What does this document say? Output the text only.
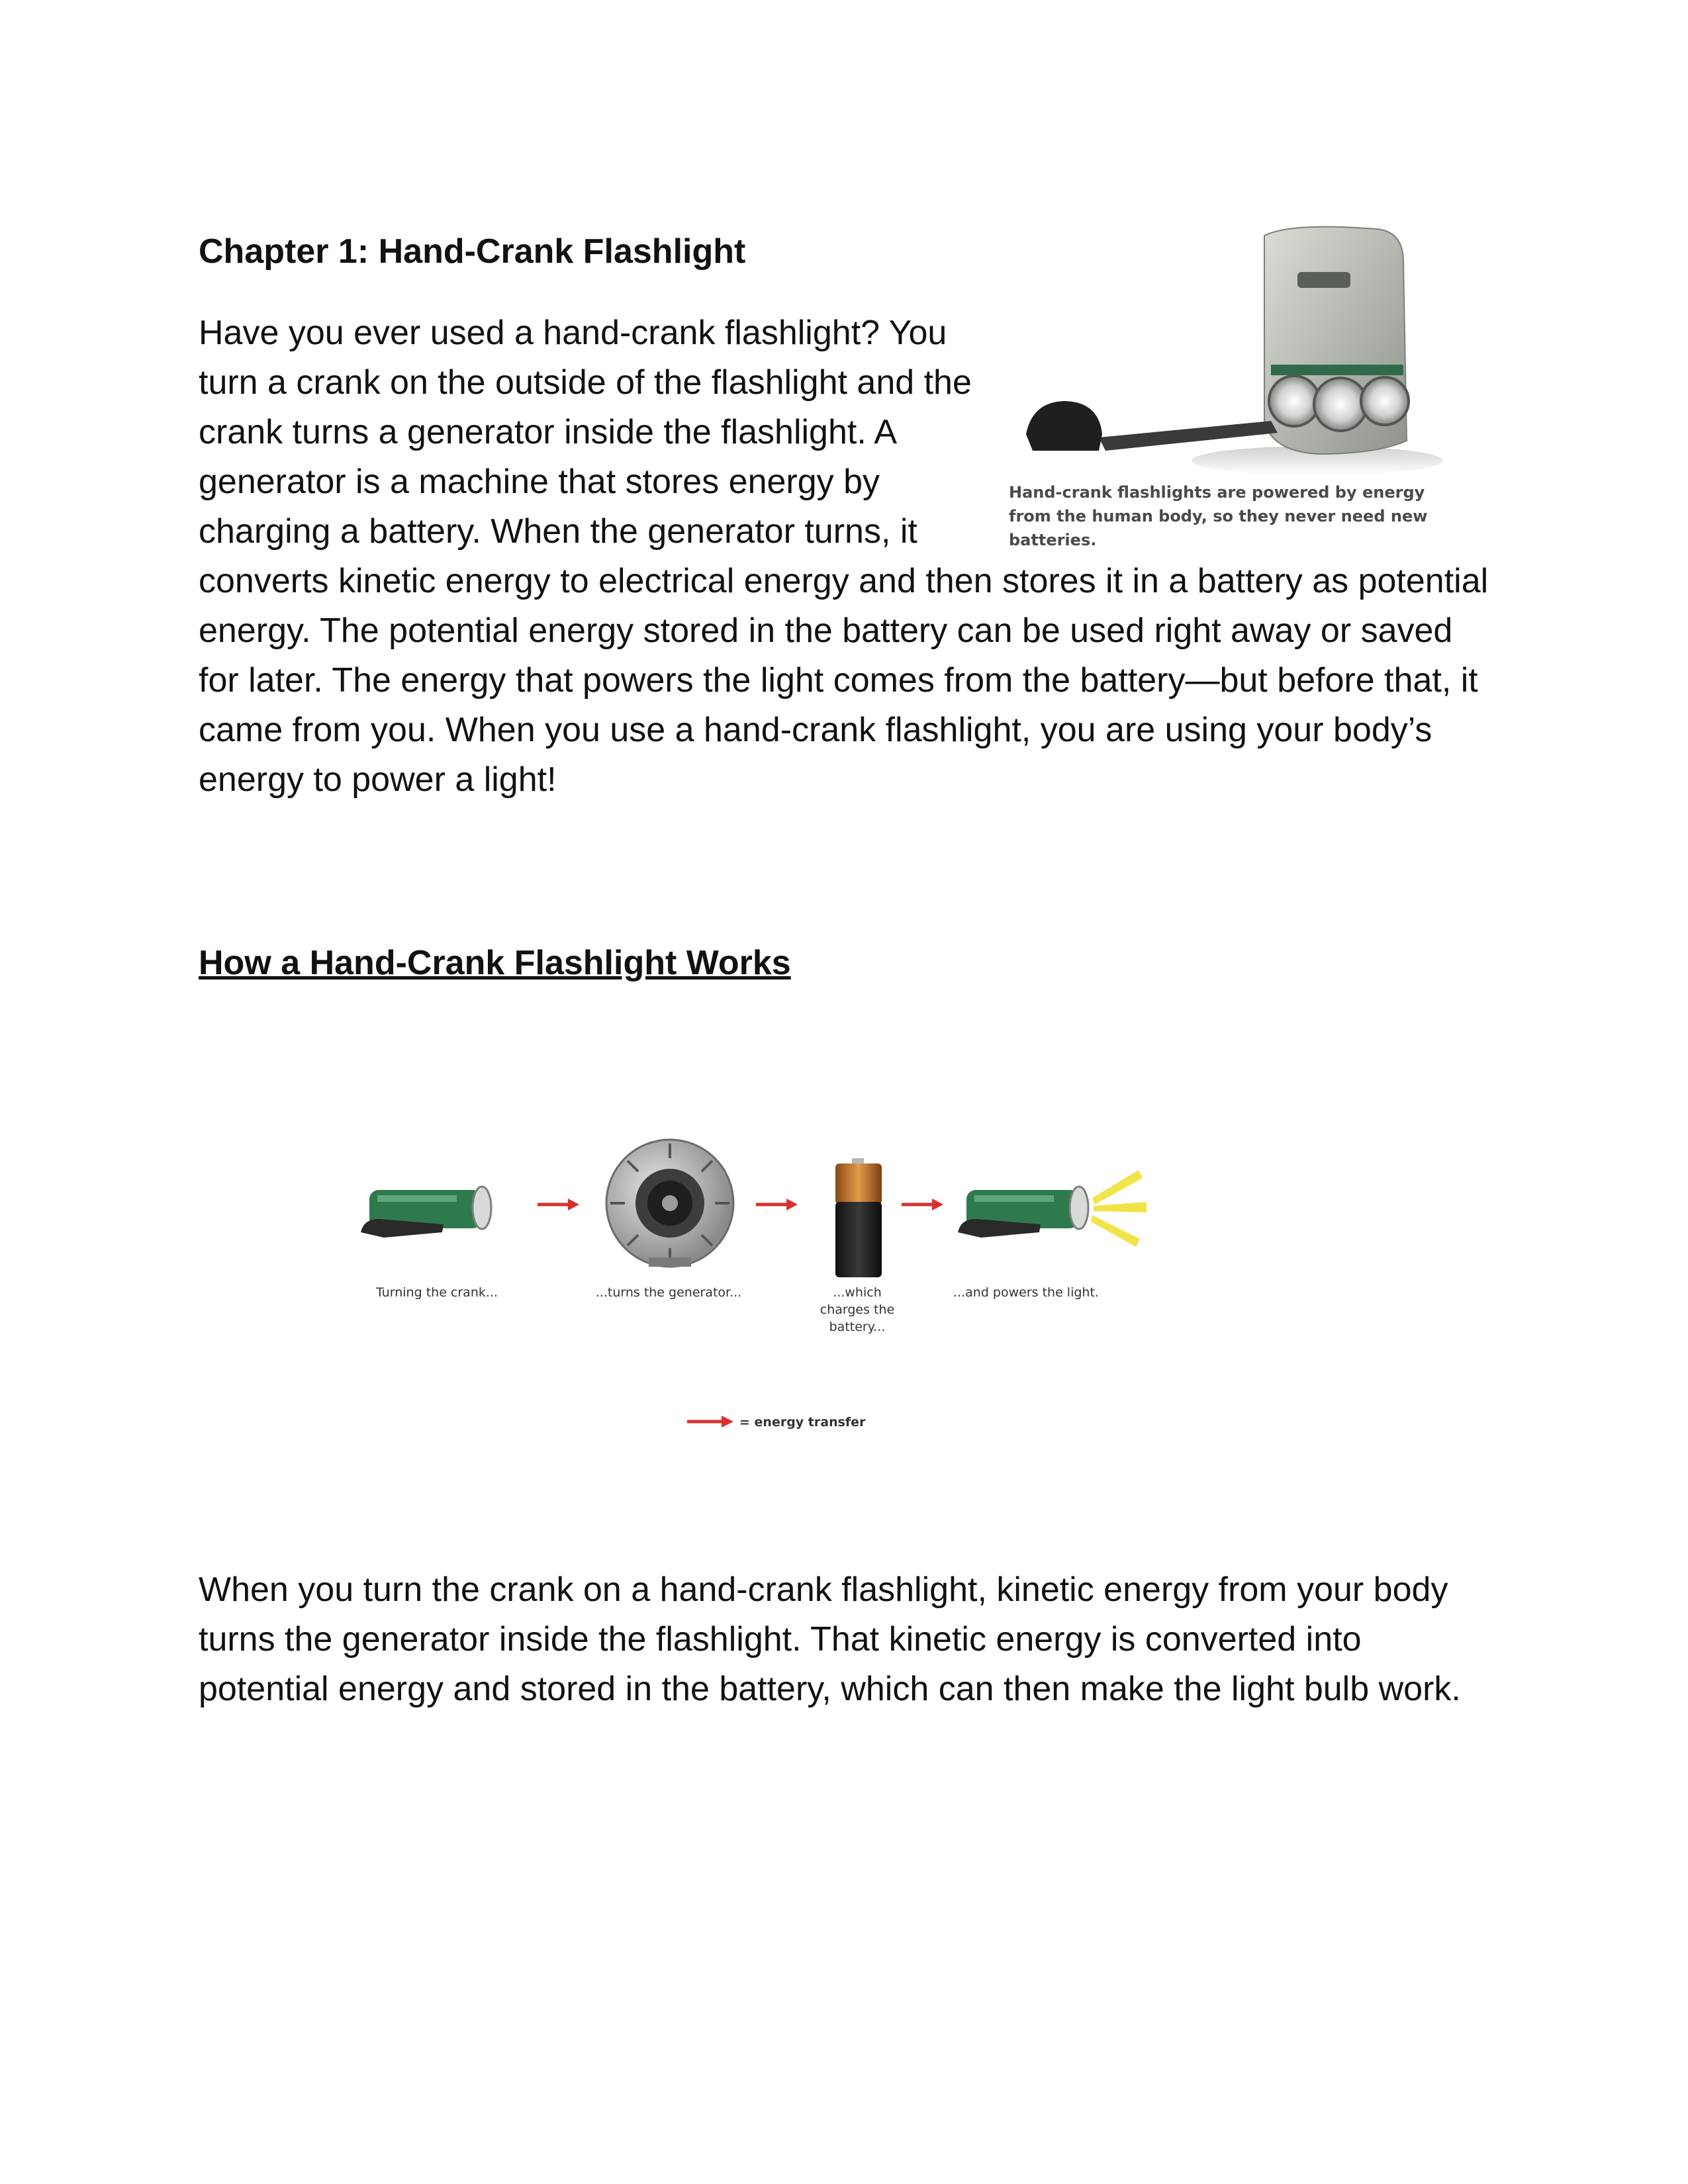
Chapter 1: Hand-Crank Flashlight
Hand-crank flashlights are powered by energy from the human body, so they never need new batteries.

Have you ever used a hand-crank flashlight? You turn a crank on the outside of the flashlight and the crank turns a generator inside the flashlight. A generator is a machine that stores energy by charging a battery. When the generator turns, it converts kinetic energy to electrical energy and then stores it in a battery as potential energy. The potential energy stored in the battery can be used right away or saved for later. The energy that powers the light comes from the battery—but before that, it came from you. When you use a hand-crank flashlight, you are using your body’s energy to power a light!

How a Hand-Crank Flashlight Works
Turning the crank...	...turns the generator...	...which charges the battery...
...and powers the light.
= energy transfer

When you turn the crank on a hand-crank flashlight, kinetic energy from your body turns the generator inside the flashlight. That kinetic energy is converted into potential energy and stored in the battery, which can then make the light bulb work.
